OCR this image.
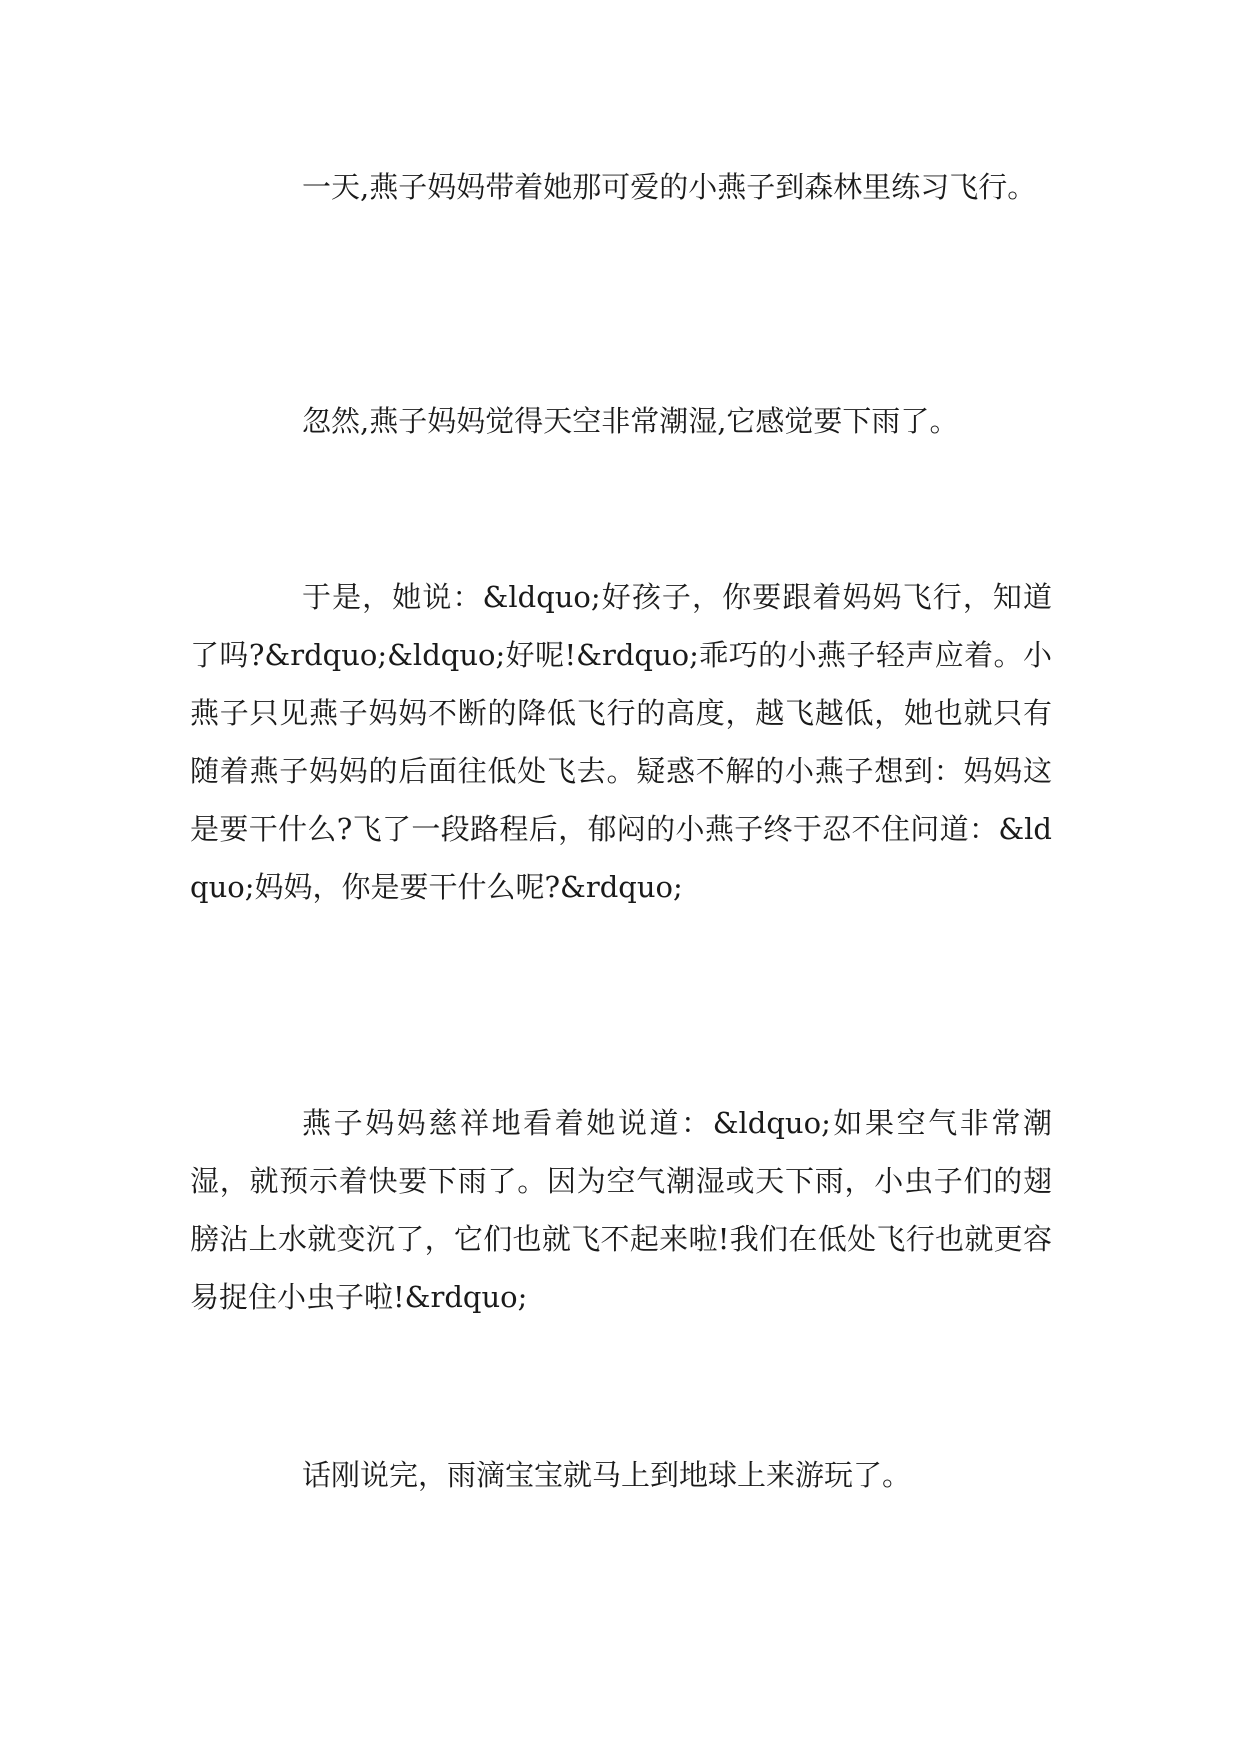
一天,燕子妈妈带着她那可爱的小燕子到森林里练习飞行。

忽然,燕子妈妈觉得天空非常潮湿,它感觉要下雨了。

于是，她说：&ldquo;好孩子，你要跟着妈妈飞行，知道了吗?&rdquo;&ldquo;好呢!&rdquo;乖巧的小燕子轻声应着。小燕子只见燕子妈妈不断的降低飞行的高度，越飞越低，她也就只有随着燕子妈妈的后面往低处飞去。疑惑不解的小燕子想到：妈妈这是要干什么?飞了一段路程后，郁闷的小燕子终于忍不住问道：&ldquo;妈妈，你是要干什么呢?&rdquo;

燕子妈妈慈祥地看着她说道：&ldquo;如果空气非常潮湿，就预示着快要下雨了。因为空气潮湿或天下雨，小虫子们的翅膀沾上水就变沉了，它们也就飞不起来啦!我们在低处飞行也就更容易捉住小虫子啦!&rdquo;

话刚说完，雨滴宝宝就马上到地球上来游玩了。
